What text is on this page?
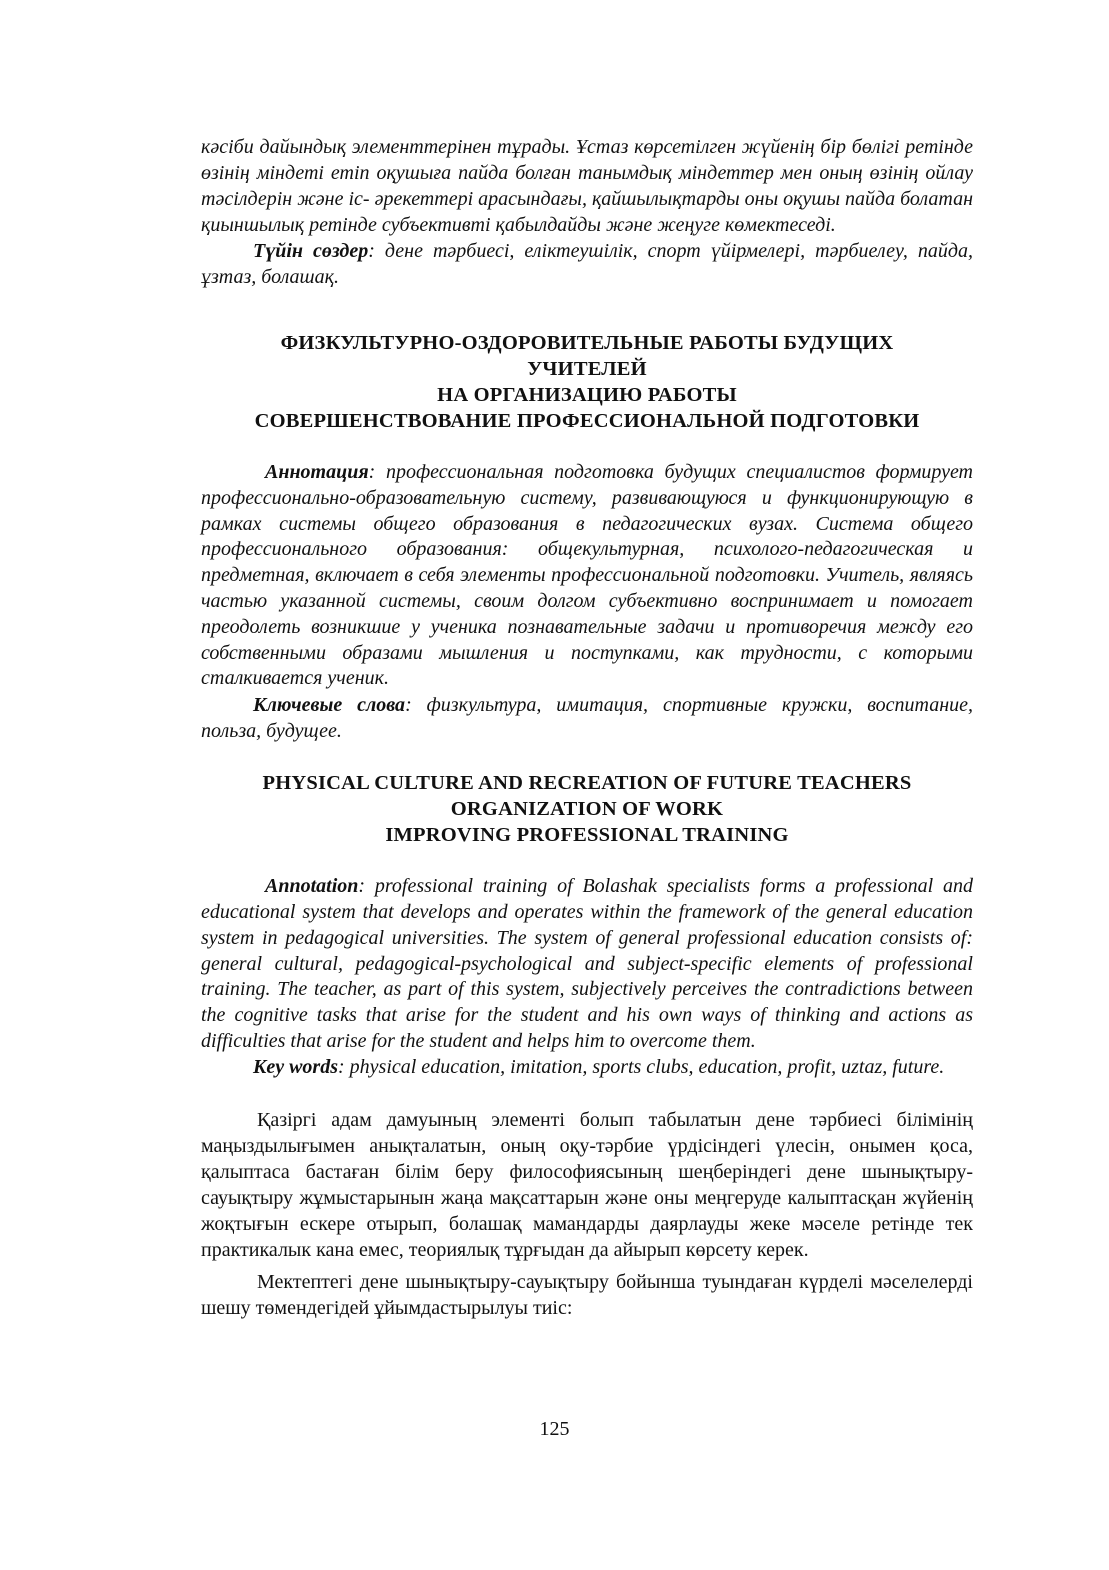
кәсіби дайындық элементтерінен тұрады. Ұстаз көрсетілген жүйенің бір бөлігі ретінде өзінің міндеті етіп оқушыға пайда болған танымдық міндеттер мен оның өзінің ойлау тәсілдерін және іс- әрекеттері арасындағы, қайшылықтарды оны оқушы пайда болатан қиыншылық ретінде субъективті қабылдайды және жеңуге көмектеседі.

Түйін сөздер: дене тәрбиесі, еліктеушілік, спорт үйірмелері, тәрбиелеу, пайда, ұзтаз, болашақ.

ФИЗКУЛЬТУРНО-ОЗДОРОВИТЕЛЬНЫЕ РАБОТЫ БУДУЩИХ
УЧИТЕЛЕЙ
НА ОРГАНИЗАЦИЮ РАБОТЫ
СОВЕРШЕНСТВОВАНИЕ ПРОФЕССИОНАЛЬНОЙ ПОДГОТОВКИ

Аннотация: профессиональная подготовка будущих специалистов формирует профессионально-образовательную систему, развивающуюся и функционирующую в рамках системы общего образования в педагогических вузах. Система общего профессионального образования: общекультурная, психолого-педагогическая и предметная, включает в себя элементы профессиональной подготовки. Учитель, являясь частью указанной системы, своим долгом субъективно воспринимает и помогает преодолеть возникшие у ученика познавательные задачи и противоречия между его собственными образами мышления и поступками, как трудности, с которыми сталкивается ученик.

Ключевые слова: физкультура, имитация, спортивные кружки, воспитание, польза, будущее.

PHYSICAL CULTURE AND RECREATION OF FUTURE TEACHERS
ORGANIZATION OF WORK
IMPROVING PROFESSIONAL TRAINING

Annotation: professional training of Bolashak specialists forms a professional and educational system that develops and operates within the framework of the general education system in pedagogical universities. The system of general professional education consists of: general cultural, pedagogical-psychological and subject-specific elements of professional training. The teacher, as part of this system, subjectively perceives the contradictions between the cognitive tasks that arise for the student and his own ways of thinking and actions as difficulties that arise for the student and helps him to overcome them.

Key words: physical education, imitation, sports clubs, education, profit, uztaz, future.

Қазіргі адам дамуының элементі болып табылатын дене тәрбиесі білімінің маңыздылығымен анықталатын, оның оқу-тәрбие үрдісіндегі үлесін, онымен қоса, қалыптаса бастаған білім беру философиясының шеңберіндегі дене шынықтыру-сауықтыру жұмыстарынын жаңа мақсаттарын және оны меңгеруде калыптасқан жүйенің жоқтығын ескере отырып, болашақ мамандарды даярлауды жеке мәселе ретінде тек практикалык кана емес, теориялық тұрғыдан да айырып көрсету керек.

Мектептегі дене шынықтыру-сауықтыру бойынша туындаған күрделі мәселелерді шешу төмендегідей ұйымдастырылуы тиіс:

125
